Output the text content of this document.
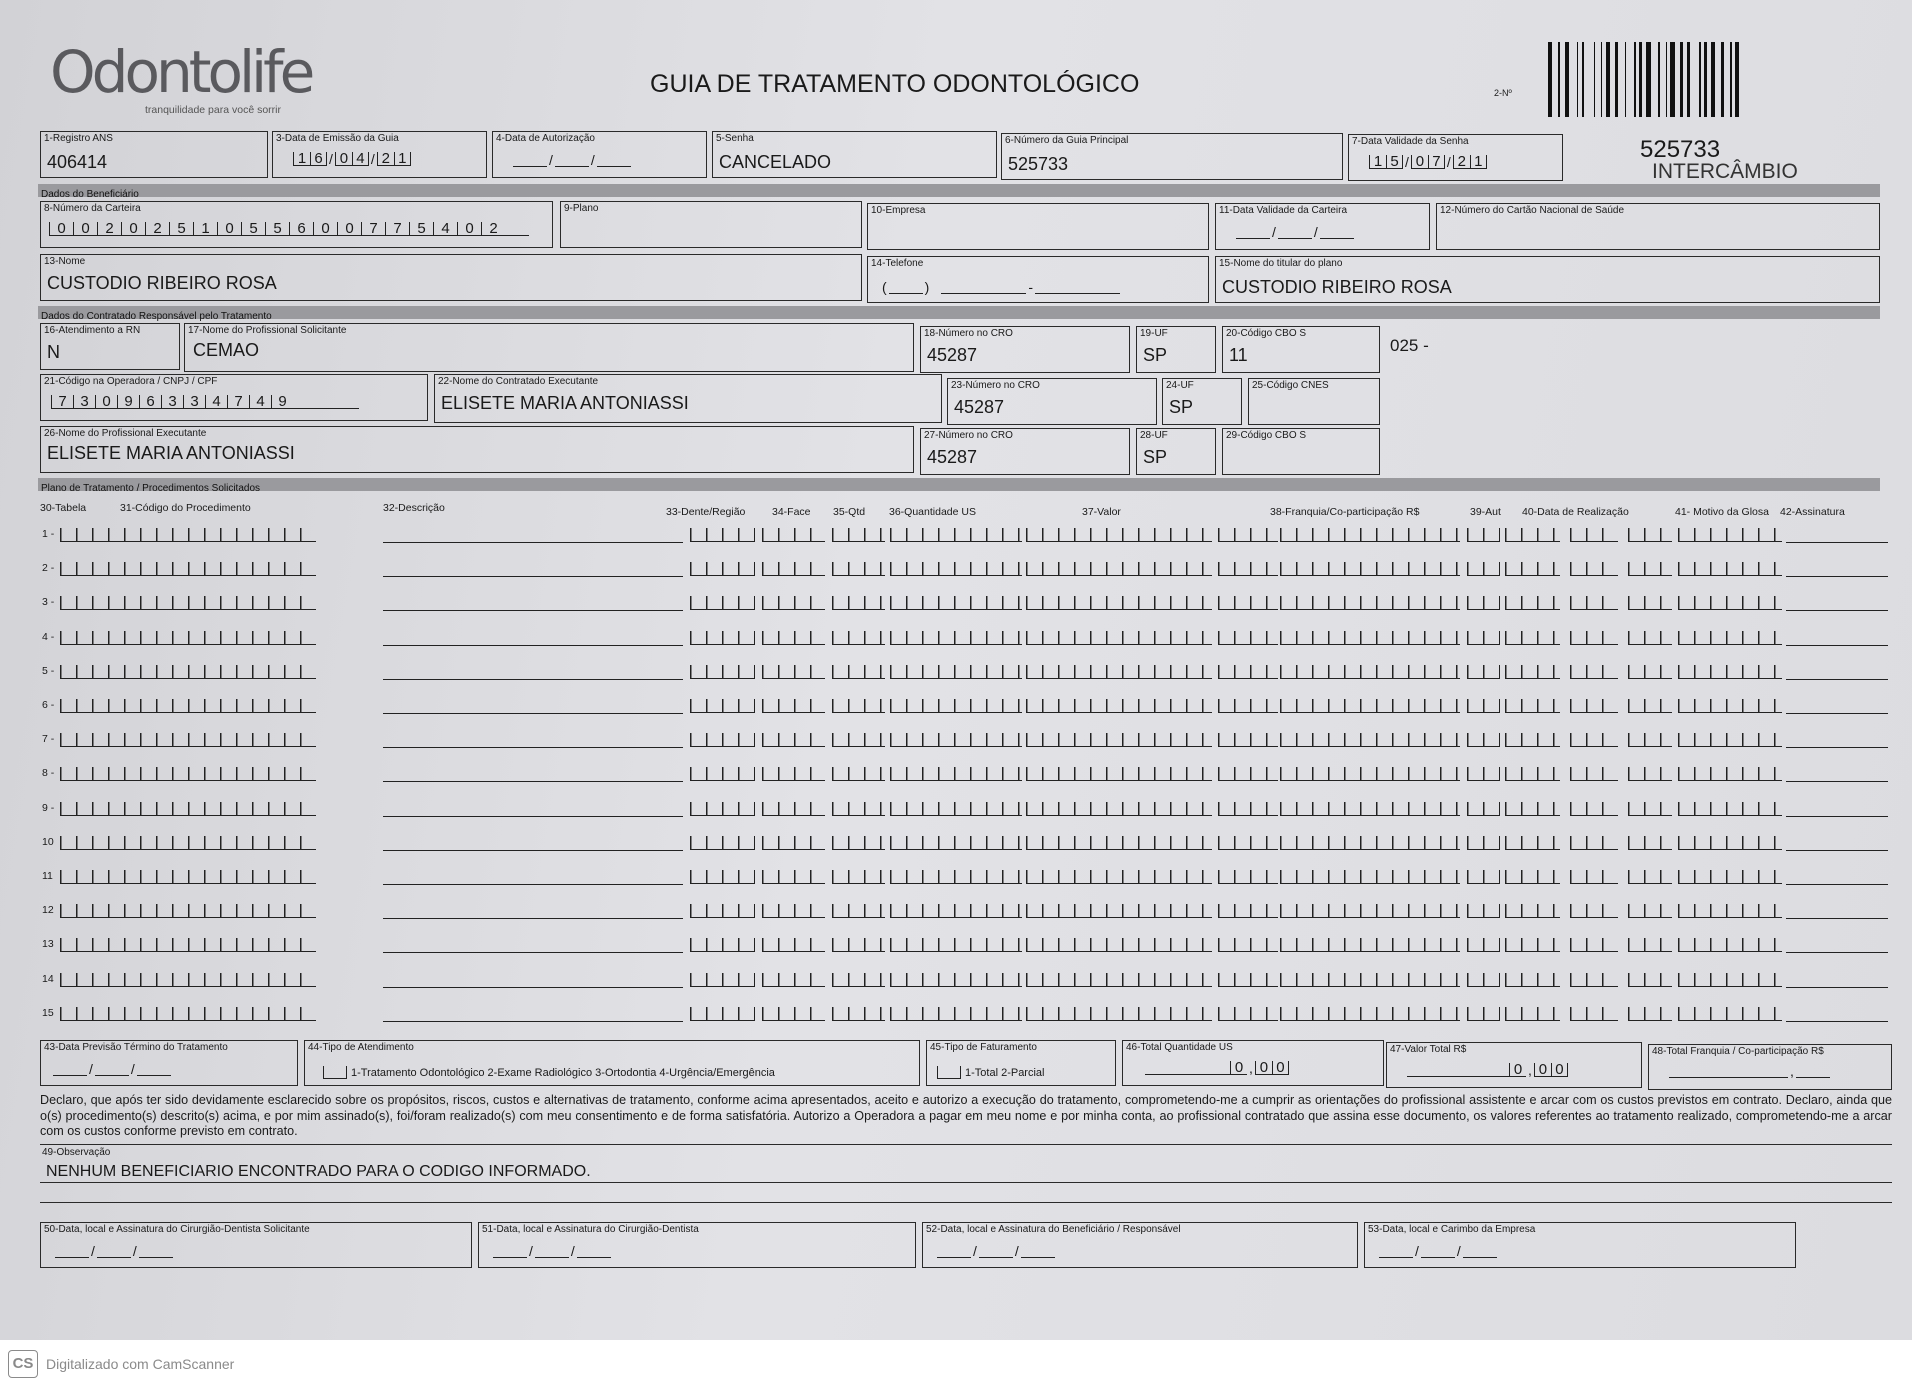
Odontolife
tranquilidade para você sorrir
GUIA DE TRATAMENTO ODONTOLÓGICO	2-Nº
525733
INTERCÂMBIO
1-Registro ANS
406414
3-Data de Emissão da Guia
1 6 / 0 4 / 2 1
4-Data de Autorização
/	/
5-Senha
CANCELADO
6-Número da Guia Principal
525733
7-Data Validade da Senha
1 5 / 0 7 / 2 1
Dados do Beneficiário
8-Número da Carteira
0	0	2	0	2	5	1	0	5	5	6	0	0	7	7	5	4	0	2
9-Plano	10-Empresa	11-Data Validade da Carteira
/	/
12-Número do Cartão Nacional de Saúde
13-Nome
CUSTODIO RIBEIRO ROSA
14-Telefone
(	)	-
15-Nome do titular do plano
CUSTODIO RIBEIRO ROSA
Dados do Contratado Responsável pelo Tratamento
16-Atendimento a RN
N
17-Nome do Profissional Solicitante
CEMAO
18-Número no CRO
45287
19-UF
SP
20-Código CBO S
11	025 -
21-Código na Operadora / CNPJ / CPF
7 3 0 9 6 3 3 4 7 4 9
22-Nome do Contratado Executante
ELISETE MARIA ANTONIASSI
23-Número no CRO
45287
24-UF
SP
25-Código CNES
26-Nome do Profissional Executante
ELISETE MARIA ANTONIASSI
27-Número no CRO
45287
28-UF
SP
29-Código CBO S
Plano de Tratamento / Procedimentos Solicitados
30-Tabela	31-Código do Procedimento	32-Descrição	33-Dente/Região	34-Face 35-Qtd 36-Quantidade US	37-Valor	38-Franquia/Co-participação R$	39-Aut 40-Data de Realização	41- Motivo da Glosa 42-Assinatura
1 -
2 -
3 -
4 -
5 -
6 -
7 -
8 -
9 -
10
11
12
13
14
15
43-Data Previsão Término do Tratamento
/	/
44-Tipo de Atendimento
1-Tratamento Odontológico 2-Exame Radiológico 3-Ortodontia 4-Urgência/Emergência
45-Tipo de Faturamento
1-Total 2-Parcial
46-Total Quantidade US
0 , 0 0
47-Valor Total R$
0 , 0 0
48-Total Franquia / Co-participação R$
,
Declaro, que após ter sido devidamente esclarecido sobre os propósitos, riscos, custos e alternativas de tratamento, conforme acima apresentados, aceito e autorizo a execução do tratamento, comprometendo-me a cumprir as orientações do profissional assistente e arcar com os custos previstos em contrato. Declaro, ainda que o(s) procedimento(s) descrito(s) acima, e por mim assinado(s), foi/foram realizado(s) com meu consentimento e de forma satisfatória. Autorizo a Operadora a pagar em meu nome e por minha conta, ao profissional contratado que assina esse documento, os valores referentes ao tratamento realizado, comprometendo-me a arcar com os custos conforme previsto em contrato.
49-Observação
NENHUM BENEFICIARIO ENCONTRADO PARA O CODIGO INFORMADO.
50-Data, local e Assinatura do Cirurgião-Dentista Solicitante
/	/
51-Data, local e Assinatura do Cirurgião-Dentista
/	/
52-Data, local e Assinatura do Beneficiário / Responsável
/	/
53-Data, local e Carimbo da Empresa
/	/
CS Digitalizado com CamScanner
